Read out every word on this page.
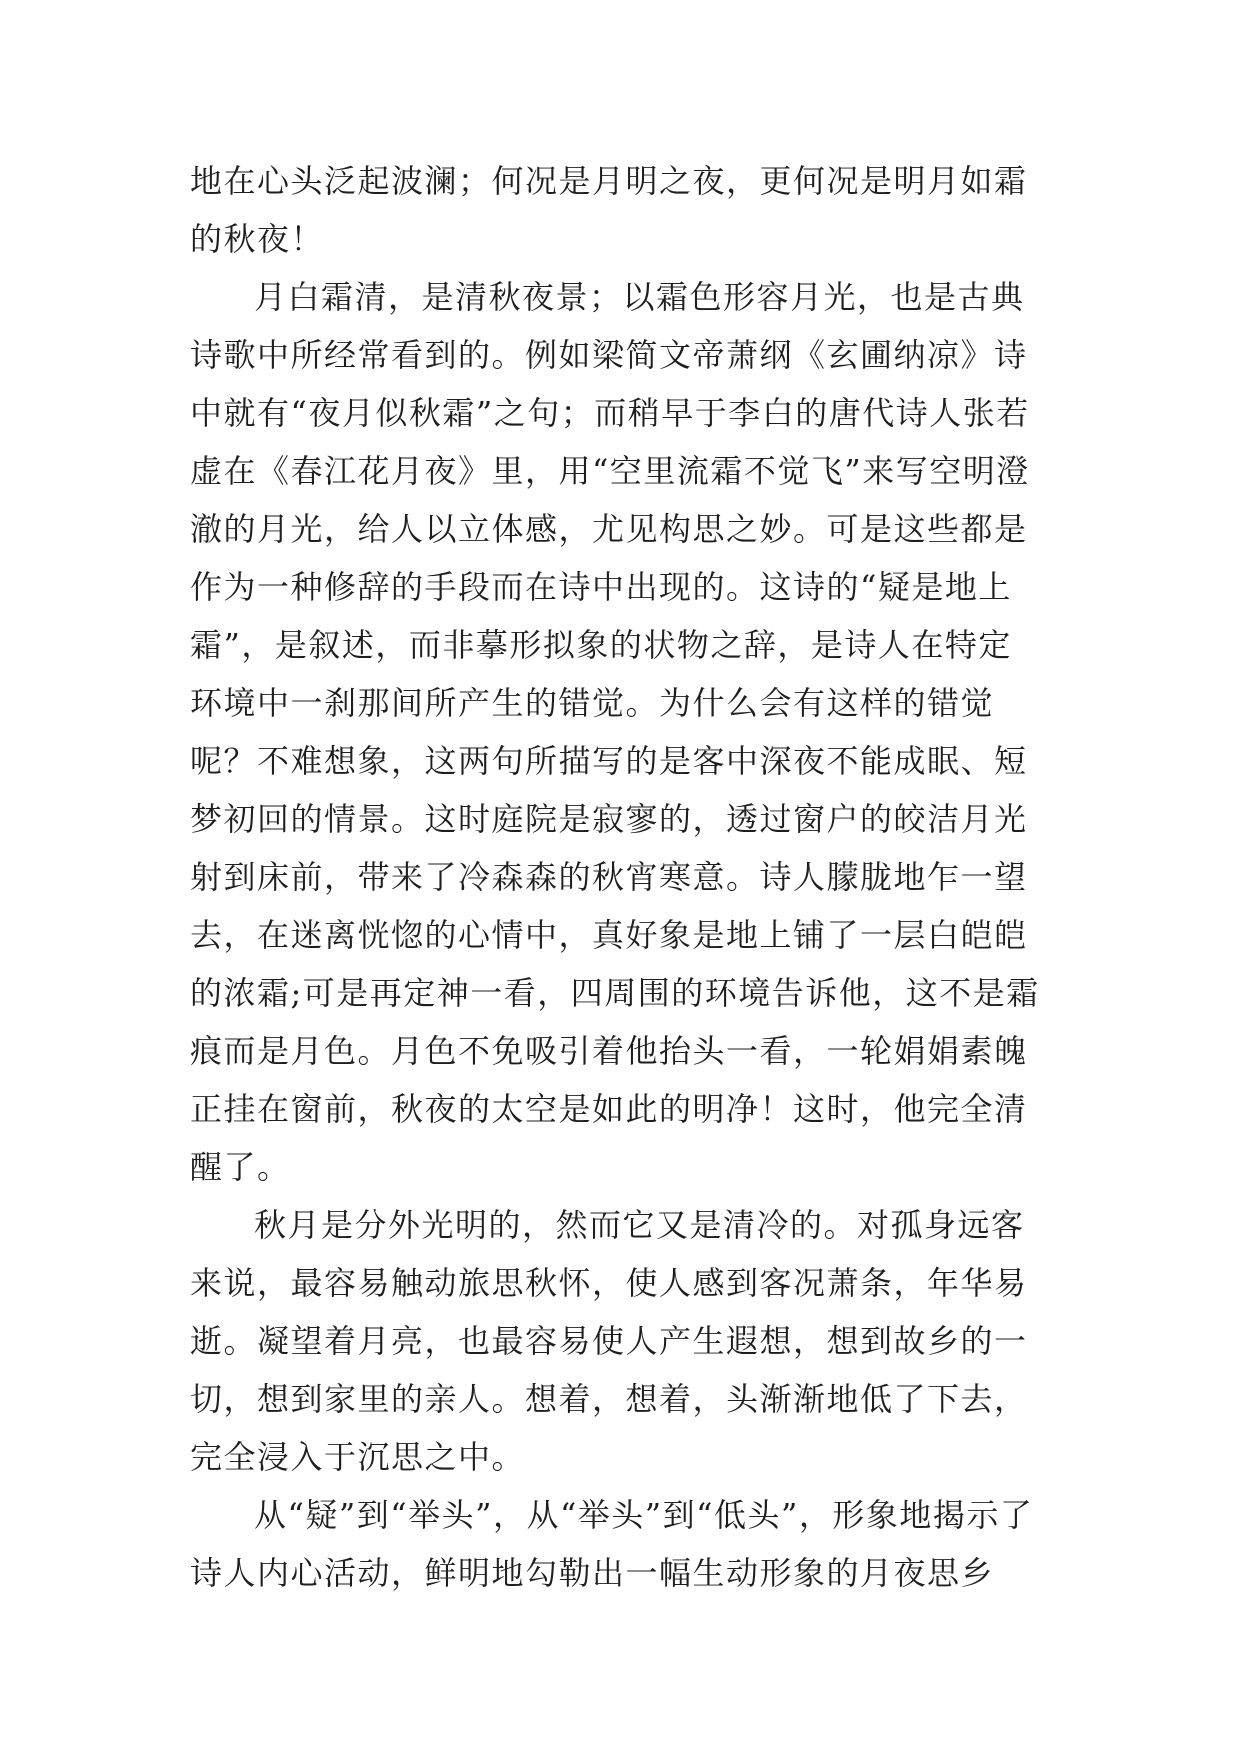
地在心头泛起波澜；何况是月明之夜，更何况是明月如霜的秋夜！

月白霜清，是清秋夜景；以霜色形容月光，也是古典诗歌中所经常看到的。例如梁简文帝萧纲《玄圃纳凉》诗中就有“夜月似秋霜”之句；而稍早于李白的唐代诗人张若虚在《春江花月夜》里，用“空里流霜不觉飞”来写空明澄澈的月光，给人以立体感，尤见构思之妙。可是这些都是作为一种修辞的手段而在诗中出现的。这诗的“疑是地上霜”，是叙述，而非摹形拟象的状物之辞，是诗人在特定环境中一刹那间所产生的错觉。为什么会有这样的错觉呢？不难想象，这两句所描写的是客中深夜不能成眠、短梦初回的情景。这时庭院是寂寥的，透过窗户的皎洁月光射到床前，带来了冷森森的秋宵寒意。诗人朦胧地乍一望去，在迷离恍惚的心情中，真好象是地上铺了一层白皑皑的浓霜;可是再定神一看，四周围的环境告诉他，这不是霜痕而是月色。月色不免吸引着他抬头一看，一轮娟娟素魄正挂在窗前，秋夜的太空是如此的明净！这时，他完全清醒了。

秋月是分外光明的，然而它又是清冷的。对孤身远客来说，最容易触动旅思秋怀，使人感到客况萧条，年华易逝。凝望着月亮，也最容易使人产生遐想，想到故乡的一切，想到家里的亲人。想着，想着，头渐渐地低了下去，完全浸入于沉思之中。

从“疑”到“举头”，从“举头”到“低头”，形象地揭示了诗人内心活动，鲜明地勾勒出一幅生动形象的月夜思乡
